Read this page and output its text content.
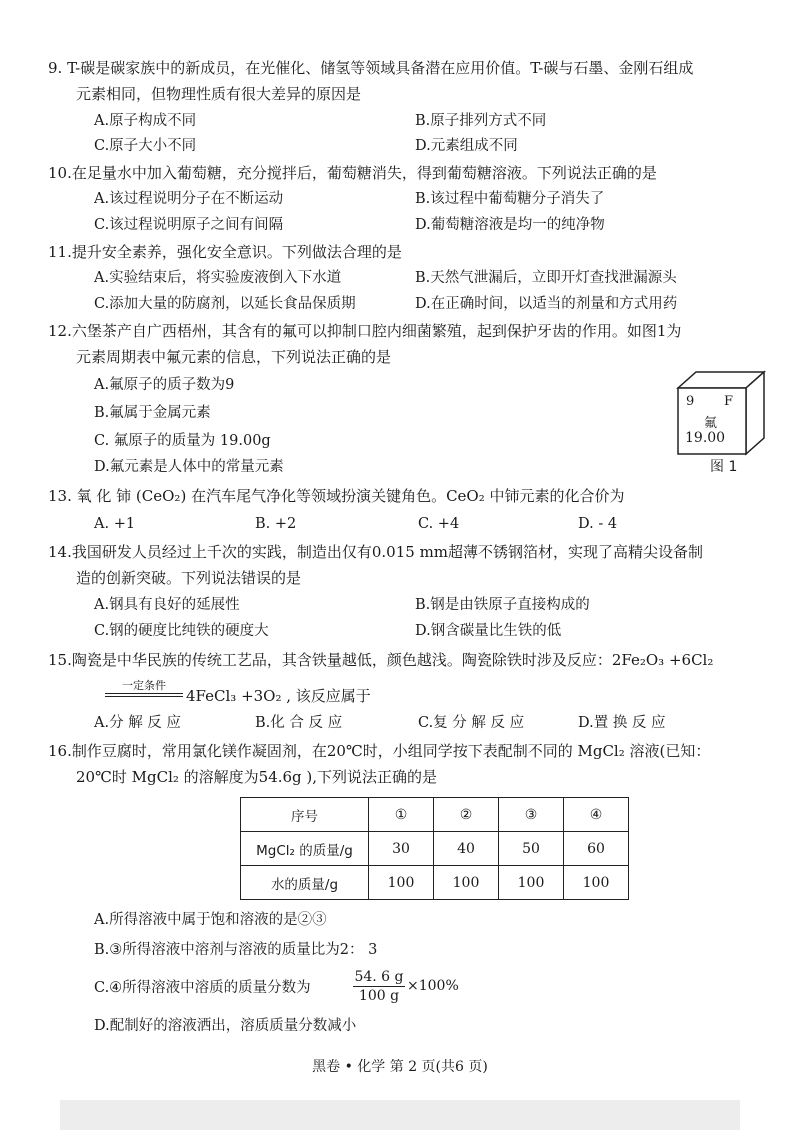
9. T-碳是碳家族中的新成员，在光催化、储氢等领域具备潜在应用价值。T-碳与石墨、金刚石组成
元素相同，但物理性质有很大差异的原因是
A.原子构成不同	B.原子排列方式不同
C.原子大小不同	D.元素组成不同
10.在足量水中加入葡萄糖，充分搅拌后，葡萄糖消失，得到葡萄糖溶液。下列说法正确的是
A.该过程说明分子在不断运动	B.该过程中葡萄糖分子消失了
C.该过程说明原子之间有间隔	D.葡萄糖溶液是均一的纯净物
11.提升安全素养，强化安全意识。下列做法合理的是
A.实验结束后，将实验废液倒入下水道	B.天然气泄漏后，立即开灯查找泄漏源头
C.添加大量的防腐剂，以延长食品保质期	D.在正确时间，以适当的剂量和方式用药
12.六堡茶产自广西梧州，其含有的氟可以抑制口腔内细菌繁殖，起到保护牙齿的作用。如图1为
元素周期表中氟元素的信息，下列说法正确的是
A.氟原子的质子数为9
B.氟属于金属元素
C. 氟原子的质量为 19.00g
D.氟元素是人体中的常量元素
9 F
氟
19.00
图 1
13. 氧 化 铈 (CeO₂) 在汽车尾气净化等领域扮演关键角色。CeO₂ 中铈元素的化合价为
A. +1	B. +2	C. +4	D. - 4
14.我国研发人员经过上千次的实践，制造出仅有0.015 mm超薄不锈钢箔材，实现了高精尖设备制
造的创新突破。下列说法错误的是
A.钢具有良好的延展性	B.钢是由铁原子直接构成的
C.钢的硬度比纯铁的硬度大	D.钢含碳量比生铁的低
15.陶瓷是中华民族的传统工艺品，其含铁量越低，颜色越浅。陶瓷除铁时涉及反应：2Fe₂O₃ +6Cl₂
一定条件
4FeCl₃ +3O₂ , 该反应属于
A.分 解 反 应	B.化 合 反 应	C.复 分 解 反 应	D.置 换 反 应
16.制作豆腐时，常用氯化镁作凝固剂，在20℃时，小组同学按下表配制不同的 MgCl₂ 溶液(已知：
20℃时 MgCl₂ 的溶解度为54.6g ),下列说法正确的是
序号	①	②	③	④
MgCl₂ 的质量/g	30	40	50	60
水的质量/g	100	100	100	100
A.所得溶液中属于饱和溶液的是②③
B.③所得溶液中溶剂与溶液的质量比为2： 3
C.④所得溶液中溶质的质量分数为	$\frac{54. 6 g}{100 g} \times 100\%$
D.配制好的溶液洒出，溶质质量分数减小
黑卷 • 化学 第 2 页(共6 页)
